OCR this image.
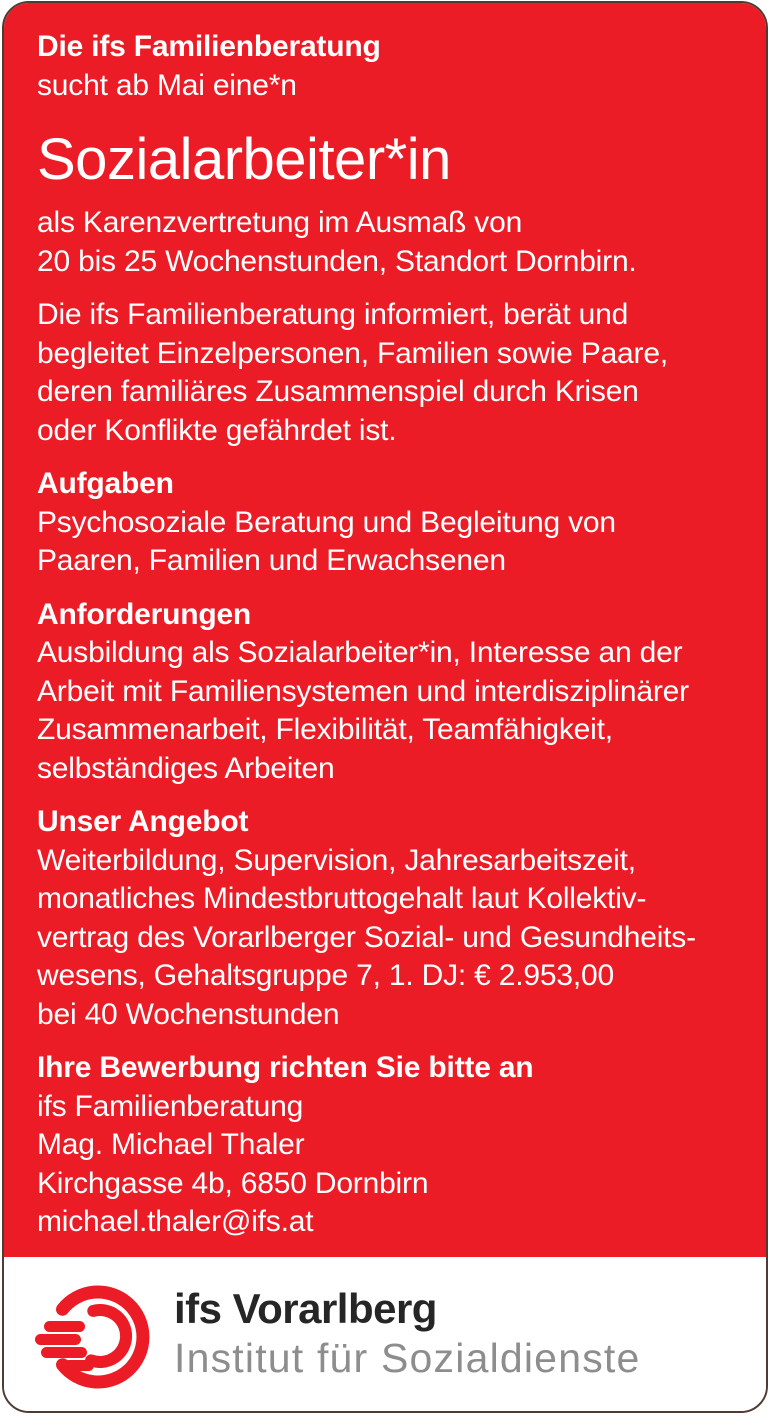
Die ifs Familienberatung
sucht ab Mai eine*n
Sozialarbeiter*in
als Karenzvertretung im Ausmaß von
20 bis 25 Wochenstunden, Standort Dornbirn.
Die ifs Familienberatung informiert, berät und
begleitet Einzelpersonen, Familien sowie Paare,
deren familiäres Zusammenspiel durch Krisen
oder Konflikte gefährdet ist.
Aufgaben
Psychosoziale Beratung und Begleitung von
Paaren, Familien und Erwachsenen
Anforderungen
Ausbildung als Sozialarbeiter*in, Interesse an der
Arbeit mit Familiensystemen und interdisziplinärer
Zusammenarbeit, Flexibilität, Teamfähigkeit,
selbständiges Arbeiten
Unser Angebot
Weiterbildung, Supervision, Jahresarbeitszeit,
monatliches Mindestbruttogehalt laut Kollektiv-
vertrag des Vorarlberger Sozial- und Gesundheits-
wesens, Gehaltsgruppe 7, 1. DJ: € 2.953,00
bei 40 Wochenstunden
Ihre Bewerbung richten Sie bitte an
ifs Familienberatung
Mag. Michael Thaler
Kirchgasse 4b, 6850 Dornbirn
michael.thaler@ifs.at
ifs Vorarlberg
Institut für Sozialdienste
